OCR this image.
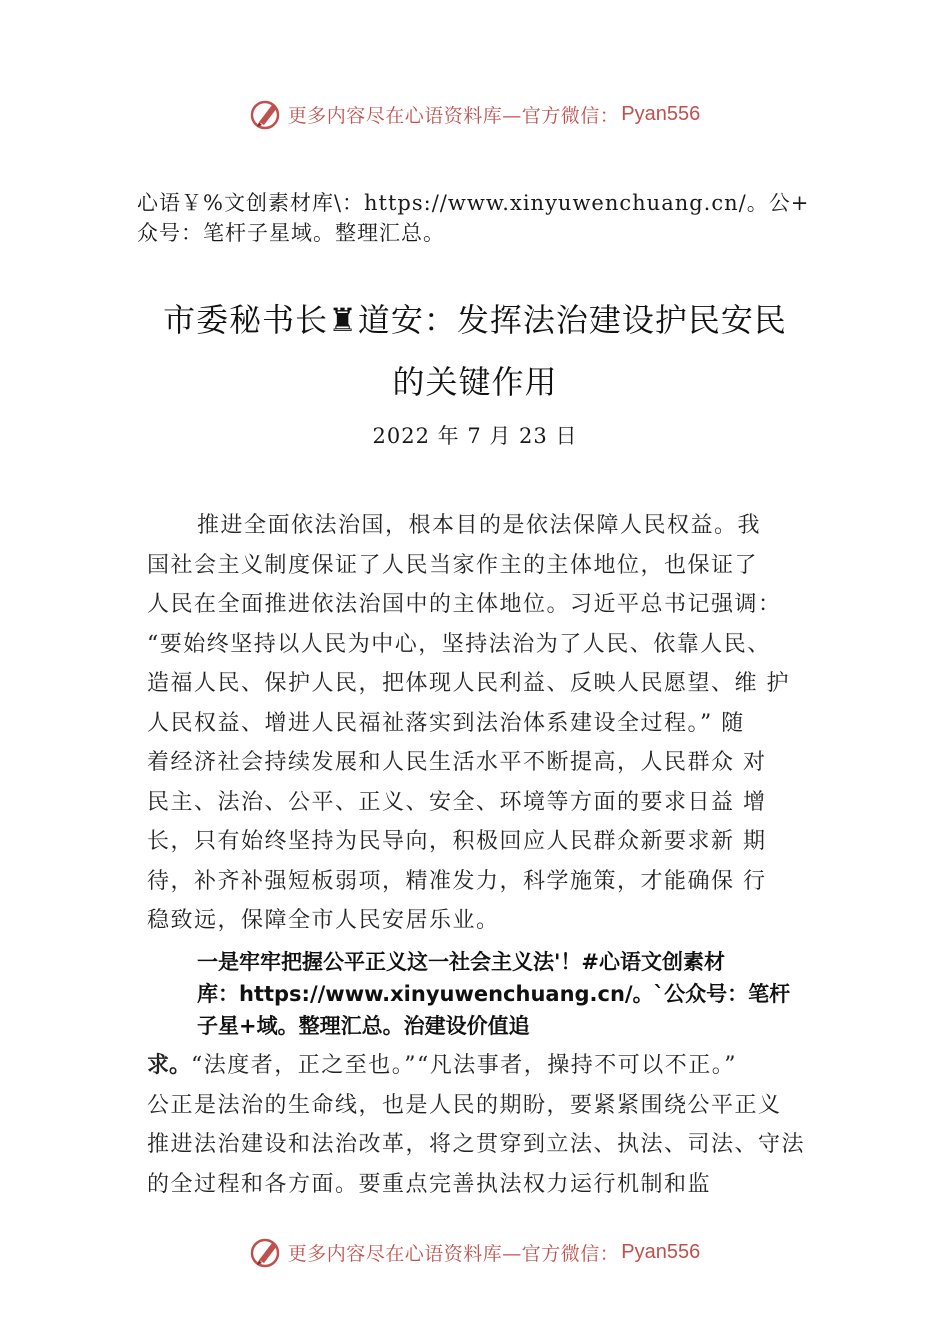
更多内容尽在心语资料库—官方微信： Pyan556
心语￥%文创素材库\：https://www.xinyuwenchuang.cn/。公+
众号：笔杆子星域。整理汇总。
市委秘书长♜道安：发挥法治建设护民安民
的关键作用
2022 年 7 月 23 日
推进全面依法治国，根本目的是依法保障人民权益。我
国社会主义制度保证了人民当家作主的主体地位，也保证了
人民在全面推进依法治国中的主体地位。习近平总书记强调：
“要始终坚持以人民为中心，坚持法治为了人民、依靠人民、
造福人民、保护人民，把体现人民利益、反映人民愿望、维 护
人民权益、增进人民福祉落实到法治体系建设全过程。” 随
着经济社会持续发展和人民生活水平不断提高，人民群众 对
民主、法治、公平、正义、安全、环境等方面的要求日益 增
长，只有始终坚持为民导向，积极回应人民群众新要求新 期
待，补齐补强短板弱项，精准发力，科学施策，才能确保 行
稳致远，保障全市人民安居乐业。
一是牢牢把握公平正义这一社会主义法'！#心语文创素材
库：https://www.xinyuwenchuang.cn/。`公众号：笔杆
子星+域。整理汇总。治建设价值追
求。“法度者，正之至也。”“凡法事者，操持不可以不正。”
公正是法治的生命线，也是人民的期盼，要紧紧围绕公平正义
推进法治建设和法治改革，将之贯穿到立法、执法、司法、守法
的全过程和各方面。要重点完善执法权力运行机制和监
更多内容尽在心语资料库—官方微信： Pyan556
